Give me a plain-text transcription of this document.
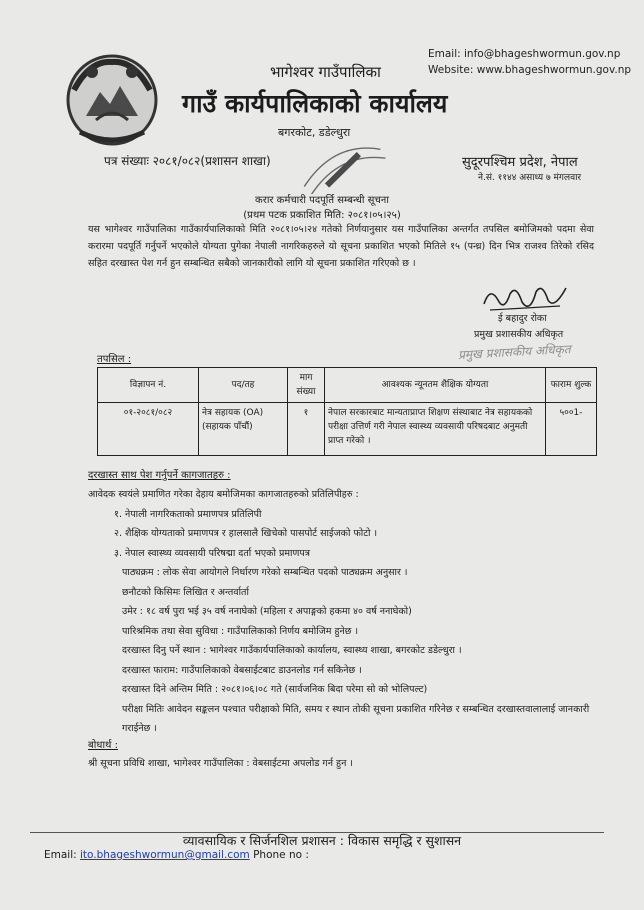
Email: info@bhageshwormun.gov.np
Website: www.bhageshwormun.gov.np
भागेश्वर गाउँपालिका
गाउँ कार्यपालिकाको कार्यालय
बगरकोट, डडेल्धुरा
पत्र संख्याः २०८१/०८२(प्रशासन शाखा)	सुदूरपश्चिम प्रदेश, नेपाल
ने.सं. ११४४ असाध्य ७ मंगलवार
करार कर्मचारी पदपूर्ति सम्बन्धी सूचना
(प्रथम पटक प्रकाशित मिति: २०८१।०५।२५)
यस भागेश्वर गाउँपालिका गाउँकार्यपालिकाको मिति २०८१।०५।२४ गतेको निर्णयानुसार यस गाउँपालिका अन्तर्गत तपसिल बमोजिमको पदमा सेवा करारमा पदपूर्ति गर्नुपर्ने भएकोले योग्यता पुगेका नेपाली नागरिकहरुले यो सूचना प्रकाशित भएको मितिले १५ (पन्ध्र) दिन भित्र राजश्व तिरेको रसिद सहित दरखास्त पेश गर्न हुन सम्बन्धित सबैको जानकारीको लागि यो सूचना प्रकाशित गरिएको छ ।
ई बहादुर रोका
प्रमुख प्रशासकीय अधिकृत
प्रमुख प्रशासकीय अधिकृत
तपसिल :
विज्ञापन नं.	पद/तह	माग संख्या	आवश्यक न्यूनतम शैक्षिक योग्यता	फाराम शुल्क
०१-२०८१/०८२	नेत्र सहायक (OA) (सहायक पाँचौं)	१	नेपाल सरकारबाट मान्यताप्राप्त शिक्षण संस्थाबाट नेत्र सहायकको परीक्षा उत्तिर्ण गरी नेपाल स्वास्थ्य व्यवसायी परिषदबाट अनुमती प्राप्त गरेको ।	५००1-
दरखास्त साथ पेश गर्नुपर्ने कागजातहरु :
आवेदक स्वयंले प्रमाणित गरेका देहाय बमोजिमका कागजातहरुको प्रतिलिपीहरु :
१. नेपाली नागरिकताको प्रमाणपत्र प्रतिलिपी
२. शैक्षिक योग्यताको प्रमाणपत्र र हालसालै खिचेको पासपोर्ट साईजको फोटो ।
३. नेपाल स्वास्थ्य व्यवसायी परिषद्मा दर्ता भएको प्रमाणपत्र
पाठ्यक्रम : लोक सेवा आयोगले निर्धारण गरेको सम्बन्धित पदको पाठ्यक्रम अनुसार ।
छनौटको किसिमः लिखित र अन्तर्वार्ता
उमेर : १८ वर्ष पुरा भई ३५ वर्ष ननाघेको (महिला र अपाङ्गको हकमा ४० वर्ष ननाघेको)
पारिश्रमिक तथा सेवा सुविधा : गाउँपालिकाको निर्णय बमोजिम हुनेछ ।
दरखास्त दिनु पर्ने स्थान : भागेश्वर गाउँकार्यपालिकाको कार्यालय, स्वास्थ्य शाखा, बगरकोट डडेल्धुरा ।
दरखास्त फाराम: गाउँपालिकाको वेबसाईटबाट डाउनलोड गर्न सकिनेछ ।
दरखास्त दिने अन्तिम मिति : २०८१।०६।०८ गते (सार्वजनिक बिदा परेमा सो को भोलिपल्ट)
परीक्षा मितिः आवेदन सङ्कलन पश्चात परीक्षाको मिति, समय र स्थान तोकी सूचना प्रकाशित गरिनेछ र सम्बन्धित दरखास्तवालालाई जानकारी गराईनेछ ।
बोधार्थ :
श्री सूचना प्रविधि शाखा, भागेश्वर गाउँपालिका : वेबसाईटमा अपलोड गर्न हुन ।
व्यावसायिक र सिर्जनशिल प्रशासन : विकास समृद्धि र सुशासन
Email: ito.bhageshwormun@gmail.com Phone no :
